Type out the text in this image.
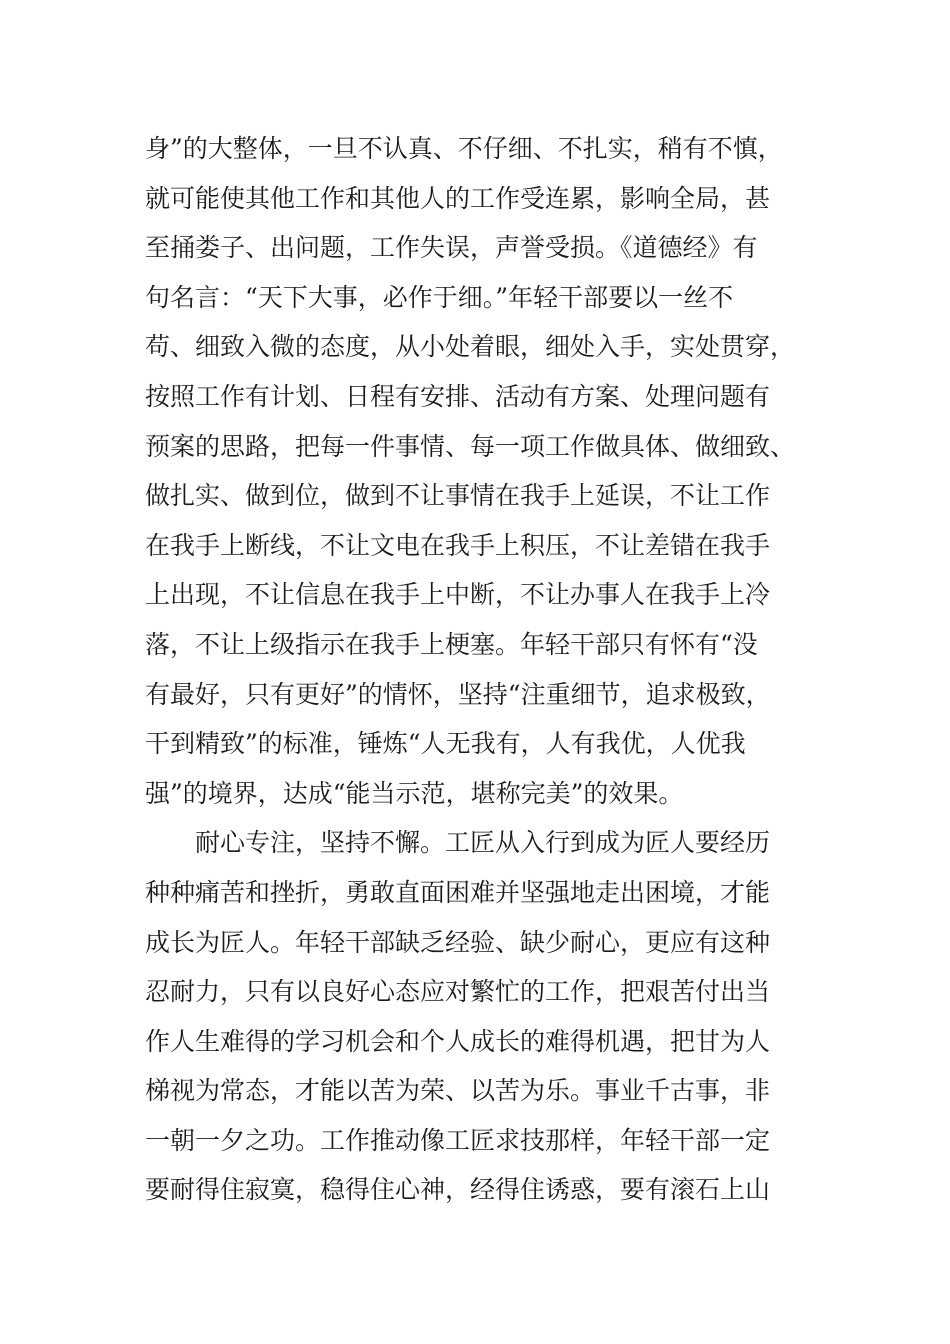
身”的大整体，一旦不认真、不仔细、不扎实，稍有不慎，
就可能使其他工作和其他人的工作受连累，影响全局，甚
至捅娄子、出问题，工作失误，声誉受损。《道德经》有
句名言：“天下大事，必作于细。”年轻干部要以一丝不
苟、细致入微的态度，从小处着眼，细处入手，实处贯穿，
按照工作有计划、日程有安排、活动有方案、处理问题有
预案的思路，把每一件事情、每一项工作做具体、做细致、
做扎实、做到位，做到不让事情在我手上延误，不让工作
在我手上断线，不让文电在我手上积压，不让差错在我手
上出现，不让信息在我手上中断，不让办事人在我手上冷
落，不让上级指示在我手上梗塞。年轻干部只有怀有“没
有最好，只有更好”的情怀，坚持“注重细节，追求极致，
干到精致”的标准，锤炼“人无我有，人有我优，人优我
强”的境界，达成“能当示范，堪称完美”的效果。
耐心专注，坚持不懈。工匠从入行到成为匠人要经历
种种痛苦和挫折，勇敢直面困难并坚强地走出困境，才能
成长为匠人。年轻干部缺乏经验、缺少耐心，更应有这种
忍耐力，只有以良好心态应对繁忙的工作，把艰苦付出当
作人生难得的学习机会和个人成长的难得机遇，把甘为人
梯视为常态，才能以苦为荣、以苦为乐。事业千古事，非
一朝一夕之功。工作推动像工匠求技那样，年轻干部一定
要耐得住寂寞，稳得住心神，经得住诱惑，要有滚石上山
